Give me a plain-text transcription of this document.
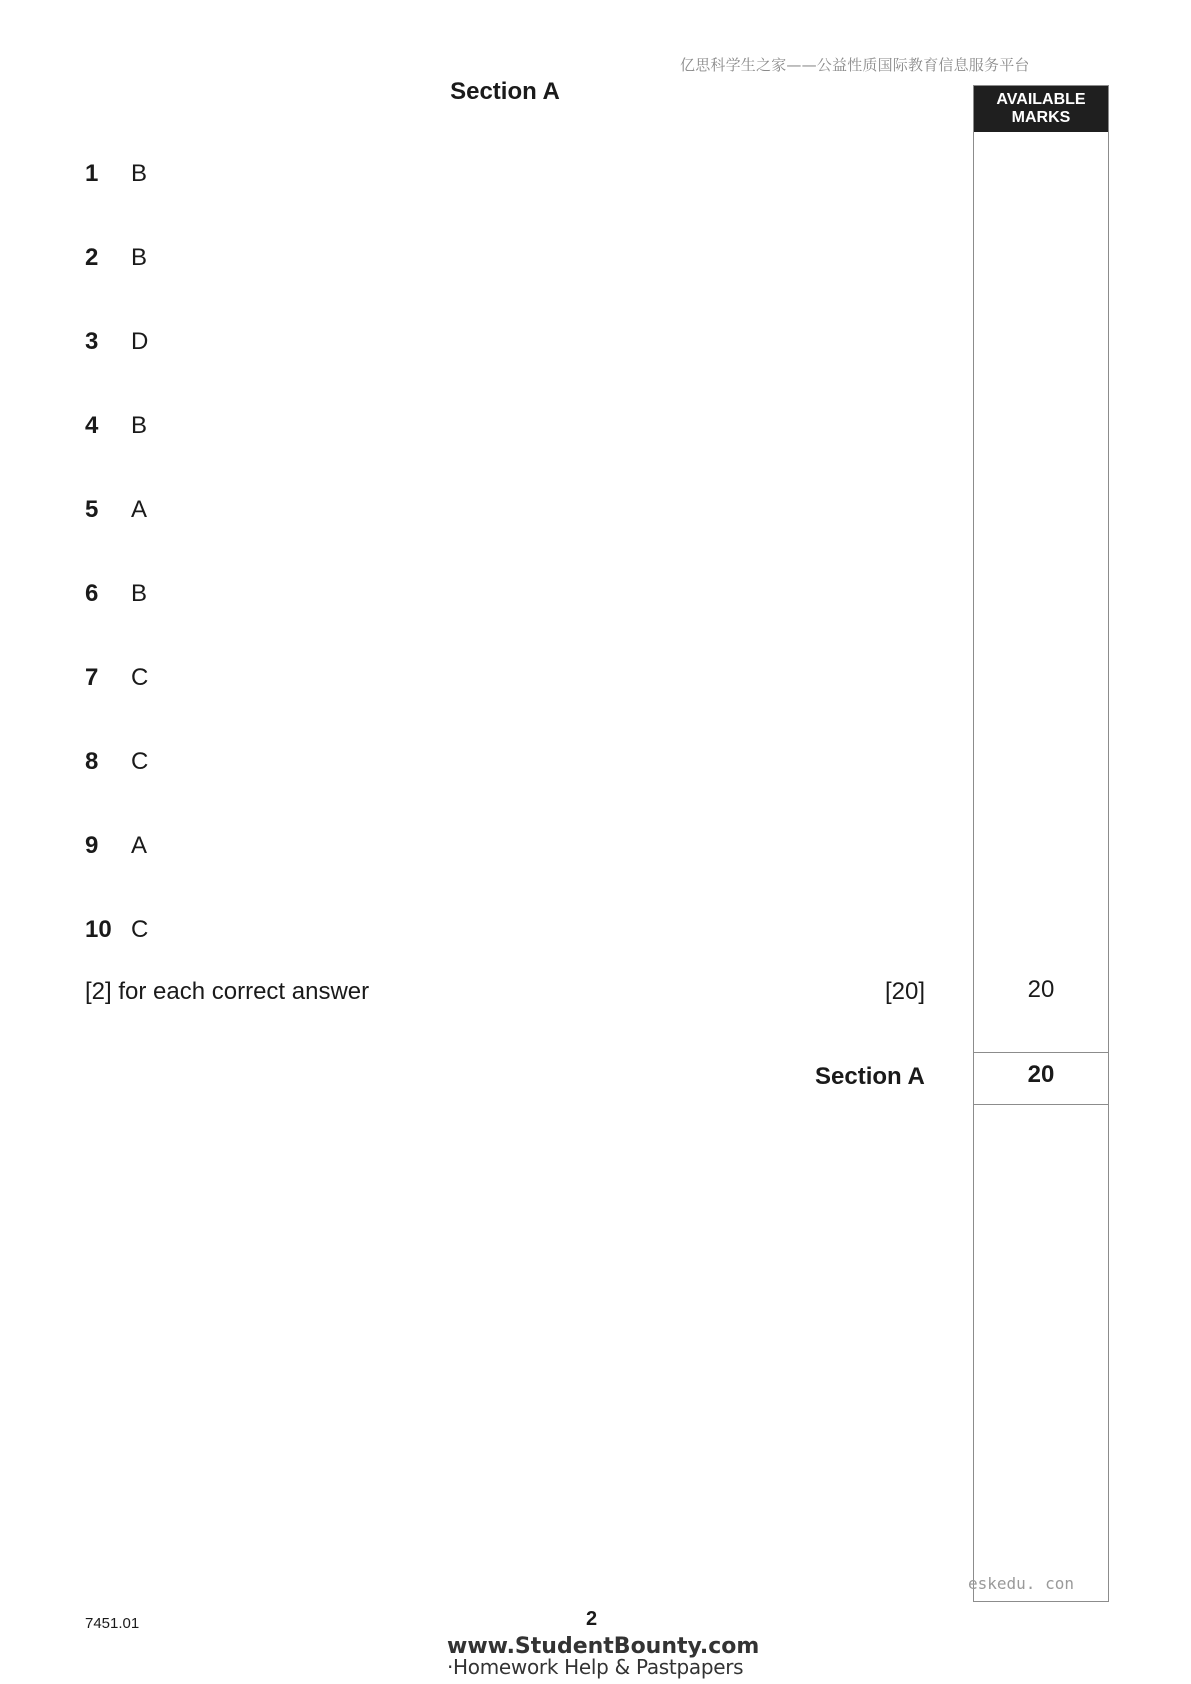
亿思科学生之家——公益性质国际教育信息服务平台
Section A	AVAILABLE
MARKS
1 B
2 B
3 D
4 B
5 A
6 B
7 C
8 C
9 A
10 C
[2] for each correct answer	[20]	20
Section A	20
eskedu. con
7451.01	2
www.StudentBounty.com
·Homework Help & Pastpapers
